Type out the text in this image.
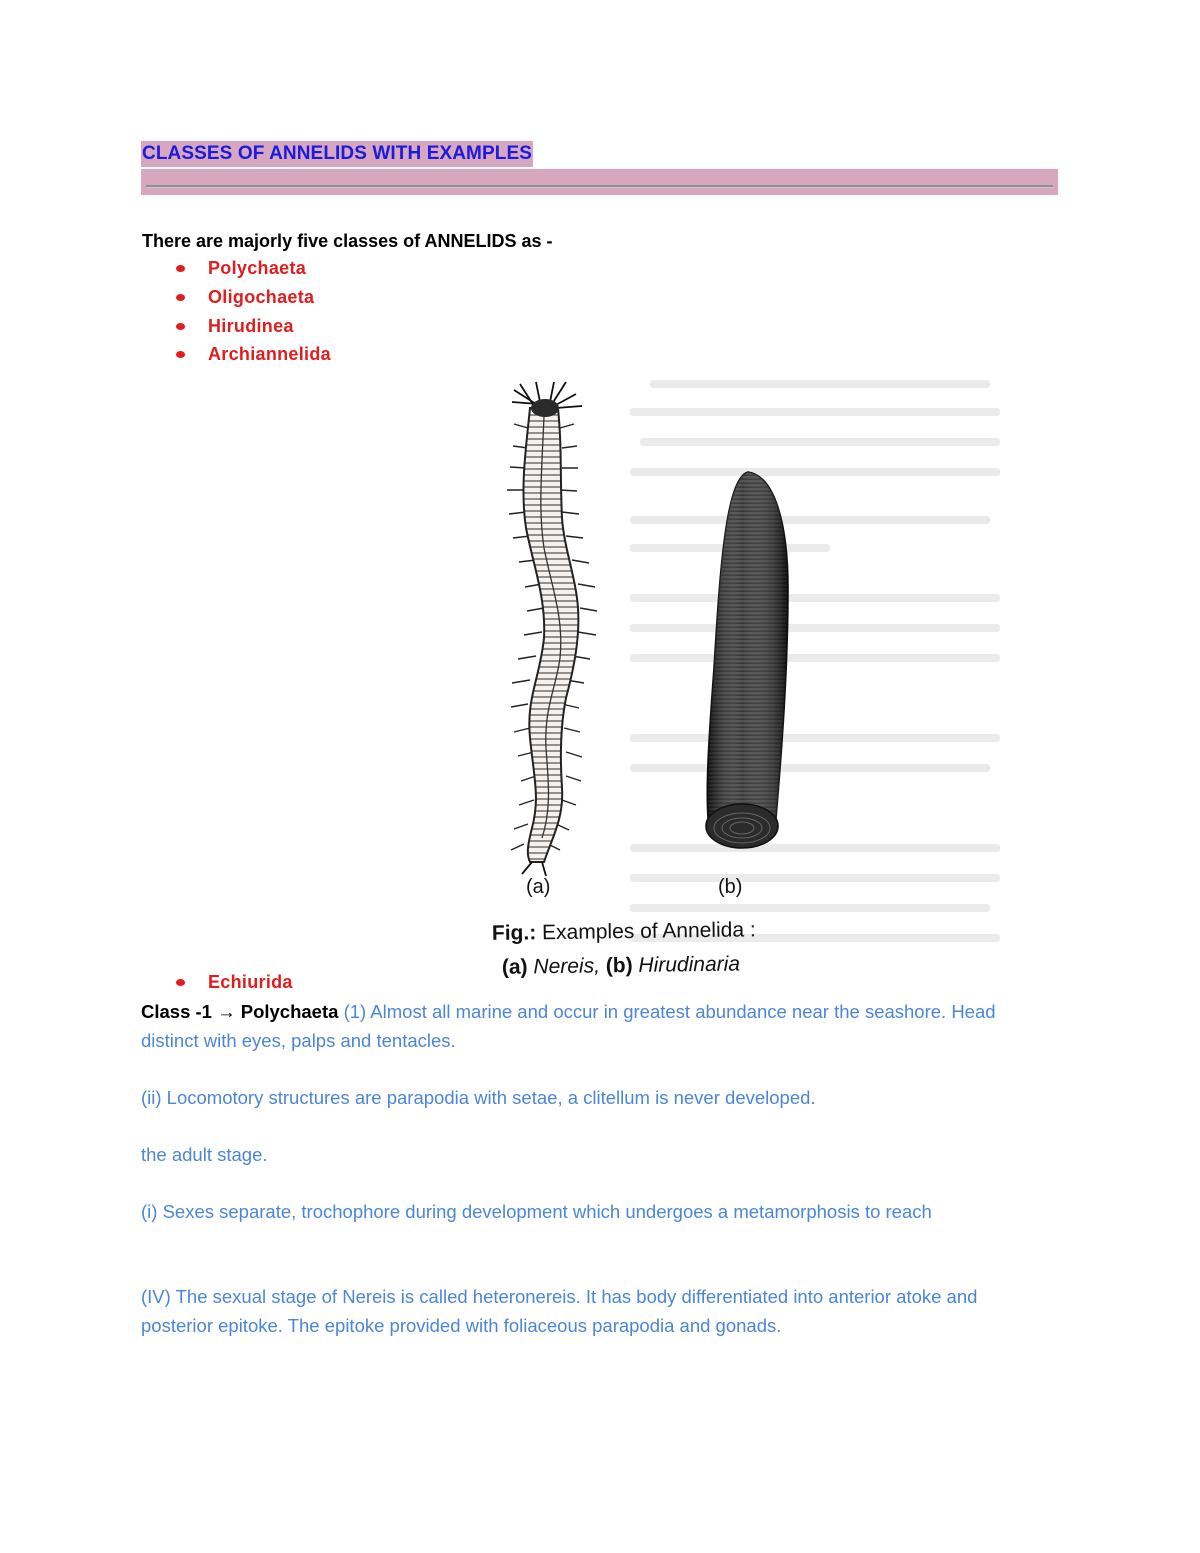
CLASSES OF ANNELIDS WITH EXAMPLES
There are majorly five classes of ANNELIDS as -
Polychaeta
Oligochaeta
Hirudinea
Archiannelida
Echiurida
(a)	(b)
Fig.: Examples of Annelida :
(a) Nereis, (b) Hirudinaria
Class -1 → Polychaeta (1) Almost all marine and occur in greatest abundance near the seashore. Head distinct with eyes, palps and tentacles.
(ii) Locomotory structures are parapodia with setae, a clitellum is never developed.
the adult stage.
(i) Sexes separate, trochophore during development which undergoes a metamorphosis to reach
(IV) The sexual stage of Nereis is called heteronereis. It has body differentiated into anterior atoke and posterior epitoke. The epitoke provided with foliaceous parapodia and gonads.
